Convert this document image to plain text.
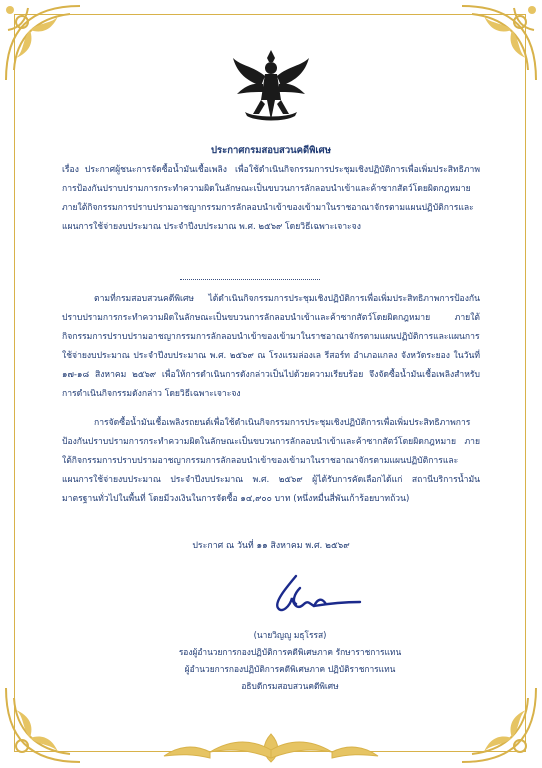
ประกาศกรมสอบสวนคดีพิเศษ
เรื่อง ประกาศผู้ชนะการจัดซื้อน้ำมันเชื้อเพลิง เพื่อใช้ดำเนินกิจกรรมการประชุมเชิงปฏิบัติการเพื่อเพิ่มประสิทธิภาพการป้องกันปราบปรามการกระทำความผิดในลักษณะเป็นขบวนการลักลอบนำเข้าและค้าซากสัตว์โดยผิดกฎหมาย ภายใต้กิจกรรมการปราบปรามอาชญากรรมการลักลอบนำเข้าของเข้ามาในราชอาณาจักรตามแผนปฏิบัติการและแผนการใช้จ่ายงบประมาณ ประจำปีงบประมาณ พ.ศ. ๒๕๖๙ โดยวิธีเฉพาะเจาะจง

ตามที่กรมสอบสวนคดีพิเศษ ได้ดำเนินกิจกรรมการประชุมเชิงปฏิบัติการเพื่อเพิ่มประสิทธิภาพการป้องกันปราบปรามการกระทำความผิดในลักษณะเป็นขบวนการลักลอบนำเข้าและค้าซากสัตว์โดยผิดกฎหมาย ภายใต้กิจกรรมการปราบปรามอาชญากรรมการลักลอบนำเข้าของเข้ามาในราชอาณาจักรตามแผนปฏิบัติการและแผนการใช้จ่ายงบประมาณ ประจำปีงบประมาณ พ.ศ. ๒๕๖๙ ณ โรงแรมล่องเล รีสอร์ท อำเภอแกลง จังหวัดระยอง ในวันที่ ๑๗-๑๘ สิงหาคม ๒๕๖๙ เพื่อให้การดำเนินการดังกล่าวเป็นไปด้วยความเรียบร้อย จึงจัดซื้อน้ำมันเชื้อเพลิงสำหรับการดำเนินกิจกรรมดังกล่าว โดยวิธีเฉพาะเจาะจง

การจัดซื้อน้ำมันเชื้อเพลิงรถยนต์เพื่อใช้ดำเนินกิจกรรมการประชุมเชิงปฏิบัติการเพื่อเพิ่มประสิทธิภาพการป้องกันปราบปรามการกระทำความผิดในลักษณะเป็นขบวนการลักลอบนำเข้าและค้าซากสัตว์โดยผิดกฎหมาย ภายใต้กิจกรรมการปราบปรามอาชญากรรมการลักลอบนำเข้าของเข้ามาในราชอาณาจักรตามแผนปฏิบัติการและแผนการใช้จ่ายงบประมาณ ประจำปีงบประมาณ พ.ศ. ๒๕๖๙ ผู้ได้รับการคัดเลือกได้แก่ สถานีบริการน้ำมันมาตรฐานทั่วไปในพื้นที่ โดยมีวงเงินในการจัดซื้อ ๑๔,๙๐๐ บาท (หนึ่งหมื่นสี่พันเก้าร้อยบาทถ้วน)

ประกาศ ณ วันที่ ๑๑ สิงหาคม พ.ศ. ๒๕๖๙
(นายวิญญู มธุโรรส)
รองผู้อำนวยการกองปฏิบัติการคดีพิเศษภาค รักษาราชการแทน
ผู้อำนวยการกองปฏิบัติการคดีพิเศษภาค ปฏิบัติราชการแทน
อธิบดีกรมสอบสวนคดีพิเศษ
